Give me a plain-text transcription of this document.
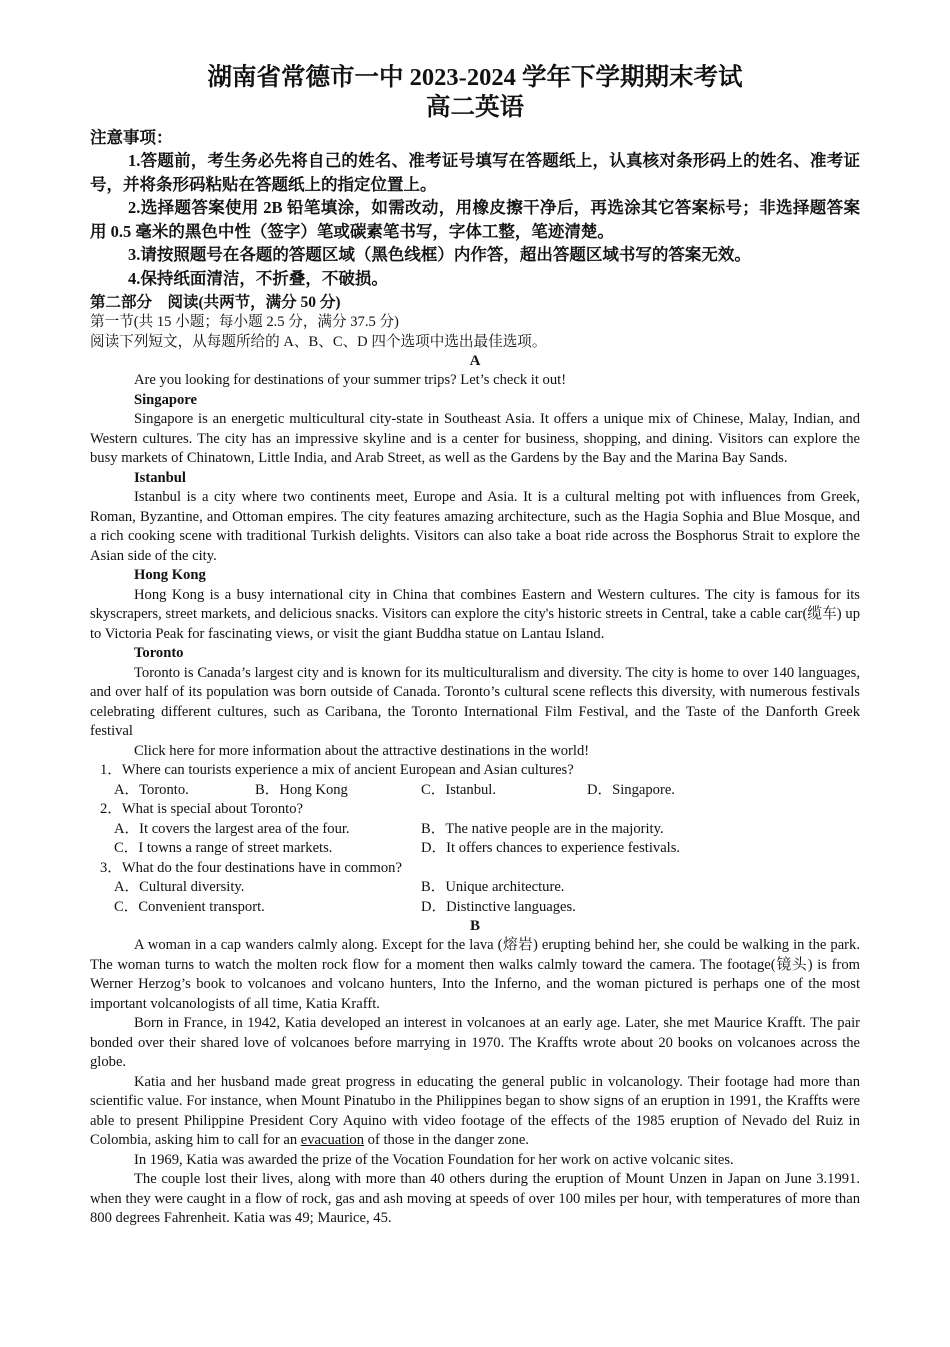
湖南省常德市一中 2023-2024 学年下学期期末考试
高二英语
注意事项：
1.答题前，考生务必先将自己的姓名、准考证号填写在答题纸上，认真核对条形码上的姓名、准考证号，并将条形码粘贴在答题纸上的指定位置上。
2.选择题答案使用 2B 铅笔填涂，如需改动，用橡皮擦干净后，再选涂其它答案标号；非选择题答案用 0.5 毫米的黑色中性（签字）笔或碳素笔书写，字体工整，笔迹清楚。
3.请按照题号在各题的答题区域（黑色线框）内作答，超出答题区域书写的答案无效。
4.保持纸面清洁，不折叠，不破损。
第二部分　阅读(共两节，满分 50 分)
第一节(共 15 小题；每小题 2.5 分，满分 37.5 分)
阅读下列短文，从每题所给的 A、B、C、D 四个选项中选出最佳选项。
A

Are you looking for destinations of your summer trips? Let’s check it out!

Singapore

Singapore is an energetic multicultural city-state in Southeast Asia. It offers a unique mix of Chinese, Malay, Indian, and Western cultures. The city has an impressive skyline and is a center for business, shopping, and dining. Visitors can explore the busy markets of Chinatown, Little India, and Arab Street, as well as the Gardens by the Bay and the Marina Bay Sands.

Istanbul

Istanbul is a city where two continents meet, Europe and Asia. It is a cultural melting pot with influences from Greek, Roman, Byzantine, and Ottoman empires. The city features amazing architecture, such as the Hagia Sophia and Blue Mosque, and a rich cooking scene with traditional Turkish delights. Visitors can also take a boat ride across the Bosphorus Strait to explore the Asian side of the city.

Hong Kong

Hong Kong is a busy international city in China that combines Eastern and Western cultures. The city is famous for its skyscrapers, street markets, and delicious snacks. Visitors can explore the city's historic streets in Central, take a cable car(缆车) up to Victoria Peak for fascinating views, or visit the giant Buddha statue on Lantau Island.

Toronto

Toronto is Canada’s largest city and is known for its multiculturalism and diversity. The city is home to over 140 languages, and over half of its population was born outside of Canada. Toronto’s cultural scene reflects this diversity, with numerous festivals celebrating different cultures, such as Caribana, the Toronto International Film Festival, and the Taste of the Danforth Greek festival

Click here for more information about the attractive destinations in the world!

1．Where can tourists experience a mix of ancient European and Asian cultures?
A．Toronto.	B．Hong Kong	C．Istanbul.	D．Singapore.
2．What is special about Toronto?
A．It covers the largest area of the four.	B．The native people are in the majority.
C．I towns a range of street markets.	D．It offers chances to experience festivals.
3．What do the four destinations have in common?
A．Cultural diversity.	B．Unique architecture.
C．Convenient transport.	D．Distinctive languages.
B

A woman in a cap wanders calmly along. Except for the lava (熔岩) erupting behind her, she could be walking in the park. The woman turns to watch the molten rock flow for a moment then walks calmly toward the camera. The footage(镜头) is from Werner Herzog’s book to volcanoes and volcano hunters, Into the Inferno, and the woman pictured is perhaps one of the most important volcanologists of all time, Katia Krafft.

Born in France, in 1942, Katia developed an interest in volcanoes at an early age. Later, she met Maurice Krafft. The pair bonded over their shared love of volcanoes before marrying in 1970. The Kraffts wrote about 20 books on volcanoes across the globe.

Katia and her husband made great progress in educating the general public in volcanology. Their footage had more than scientific value. For instance, when Mount Pinatubo in the Philippines began to show signs of an eruption in 1991, the Kraffts were able to present Philippine President Cory Aquino with video footage of the effects of the 1985 eruption of Nevado del Ruiz in Colombia, asking him to call for an evacuation of those in the danger zone.

In 1969, Katia was awarded the prize of the Vocation Foundation for her work on active volcanic sites.

The couple lost their lives, along with more than 40 others during the eruption of Mount Unzen in Japan on June 3.1991. when they were caught in a flow of rock, gas and ash moving at speeds of over 100 miles per hour, with temperatures of more than 800 degrees Fahrenheit. Katia was 49; Maurice, 45.
